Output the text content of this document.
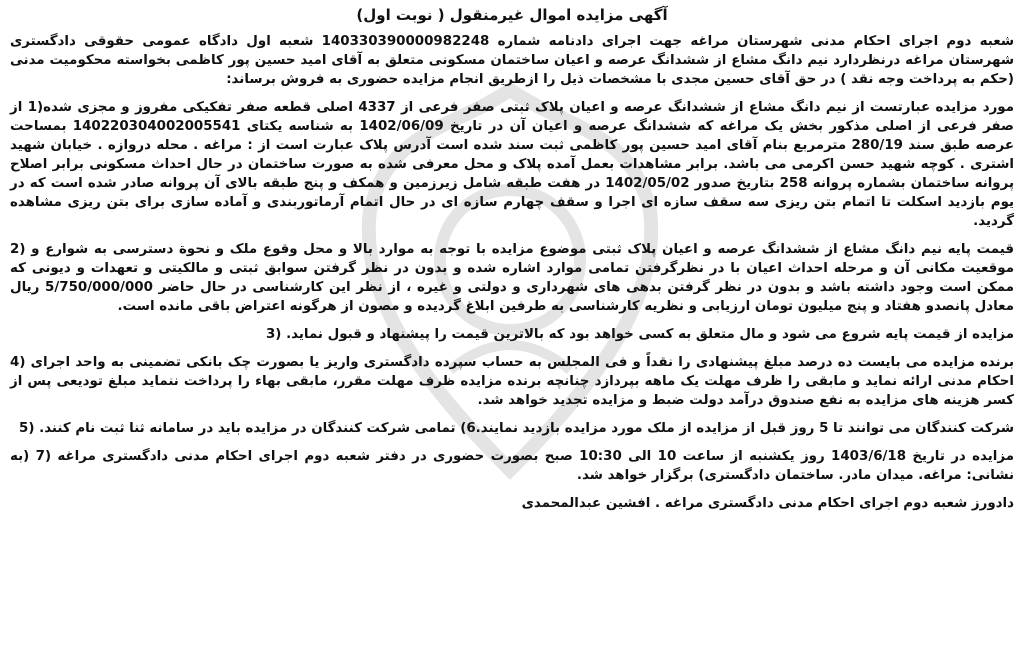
آگهی مزایده اموال غیرمنقول ( نوبت اول)

شعبه دوم اجرای احکام مدنی شهرستان مراغه جهت اجرای دادنامه شماره 140330390000982248 شعبه اول دادگاه عمومی حقوقی دادگستری شهرستان مراغه درنظردارد نیم دانگ مشاع از ششدانگ عرصه و اعیان ساختمان مسکونی متعلق به آقای امید حسین پور کاظمی بخواسته محکومیت مدنی (حکم به پرداخت وجه نقد ) در حق آقای حسین مجدی با مشخصات ذیل را ازطریق انجام مزایده حضوری به فروش برساند:

مورد مزایده عبارتست از نیم دانگ مشاع از ششدانگ عرصه و اعیان پلاک ثبتی صفر فرعی از 4337 اصلی قطعه صفر تفکیکی مفروز و مجزی شده(1 از صفر فرعی از اصلی مذکور بخش یک مراغه که ششدانگ عرصه و اعیان آن در تاریخ 1402/06/09 به شناسه یکتای 140220304002005541 بمساحت عرصه طبق سند 280/19 مترمربع بنام آقای امید حسین پور کاظمی ثبت سند شده است آدرس پلاک عبارت است از : مراغه . محله دروازه . خیابان شهید اشتری . کوچه شهید حسن اکرمی می باشد. برابر مشاهدات بعمل آمده پلاک و محل معرفی شده به صورت ساختمان در حال احداث مسکونی برابر اصلاح پروانه ساختمان بشماره پروانه 258 بتاریخ صدور 1402/05/02 در هفت طبقه شامل زیرزمین و همکف و پنج طبقه بالای آن پروانه صادر شده است که در یوم بازدید اسکلت تا اتمام بتن ریزی سه سقف سازه ای اجرا و سقف چهارم سازه ای در حال اتمام آرماتوربندی و آماده سازی برای بتن ریزی مشاهده گردید.

قیمت پایه نیم دانگ مشاع از ششدانگ عرصه و اعیان پلاک ثبتی موضوع مزایده با توجه به موارد بالا و محل وقوع ملک و نحوة دسترسی به شوارع و (2 موقعیت مکانی آن و مرحله احداث اعیان با در نظرگرفتن تمامی موارد اشاره شده و بدون در نظر گرفتن سوابق ثبتی و مالکیتی و تعهدات و دیونی که ممکن است وجود داشته باشد و بدون در نظر گرفتن بدهی های شهرداری و دولتی و غیره ، از نظر این کارشناسی در حال حاضر 5/750/000/000 ریال معادل پانصدو هفتاد و پنج میلیون تومان ارزیابی و نظریه کارشناسی به طرفین ابلاغ گردیده و مصون از هرگونه اعتراض باقی مانده است.

مزایده از قیمت پایه شروع می شود و مال متعلق به کسی خواهد بود که بالاترین قیمت را پیشنهاد و قبول نماید. (3

برنده مزایده می بایست ده درصد مبلغ پیشنهادی را نقداً و فی المجلس به حساب سپرده دادگستری واریز یا بصورت چک بانکی تضمینی به واحد اجرای (4 احکام مدنی ارائه نماید و مابقی را ظرف مهلت یک ماهه بپردازد چنانچه برنده مزایده ظرف مهلت مقرر، مابقی بهاء را پرداخت ننماید مبلغ تودیعی پس از کسر هزینه های مزایده به نفع صندوق درآمد دولت ضبط و مزایده تجدید خواهد شد.

شرکت کنندگان می توانند تا 5 روز قبل از مزایده از ملک مورد مزایده بازدید نمایند.6) تمامی شرکت کنندگان در مزایده باید در سامانه ثنا ثبت نام کنند. (5

مزایده در تاریخ 1403/6/18 روز یکشنبه از ساعت 10 الی 10:30 صبح بصورت حضوری در دفتر شعبه دوم اجرای احکام مدنی دادگستری مراغه (7 (به نشانی: مراغه. میدان مادر. ساختمان دادگستری) برگزار خواهد شد.

دادورز شعبه دوم اجرای احکام مدنی دادگستری مراغه . افشین عبدالمحمدی
